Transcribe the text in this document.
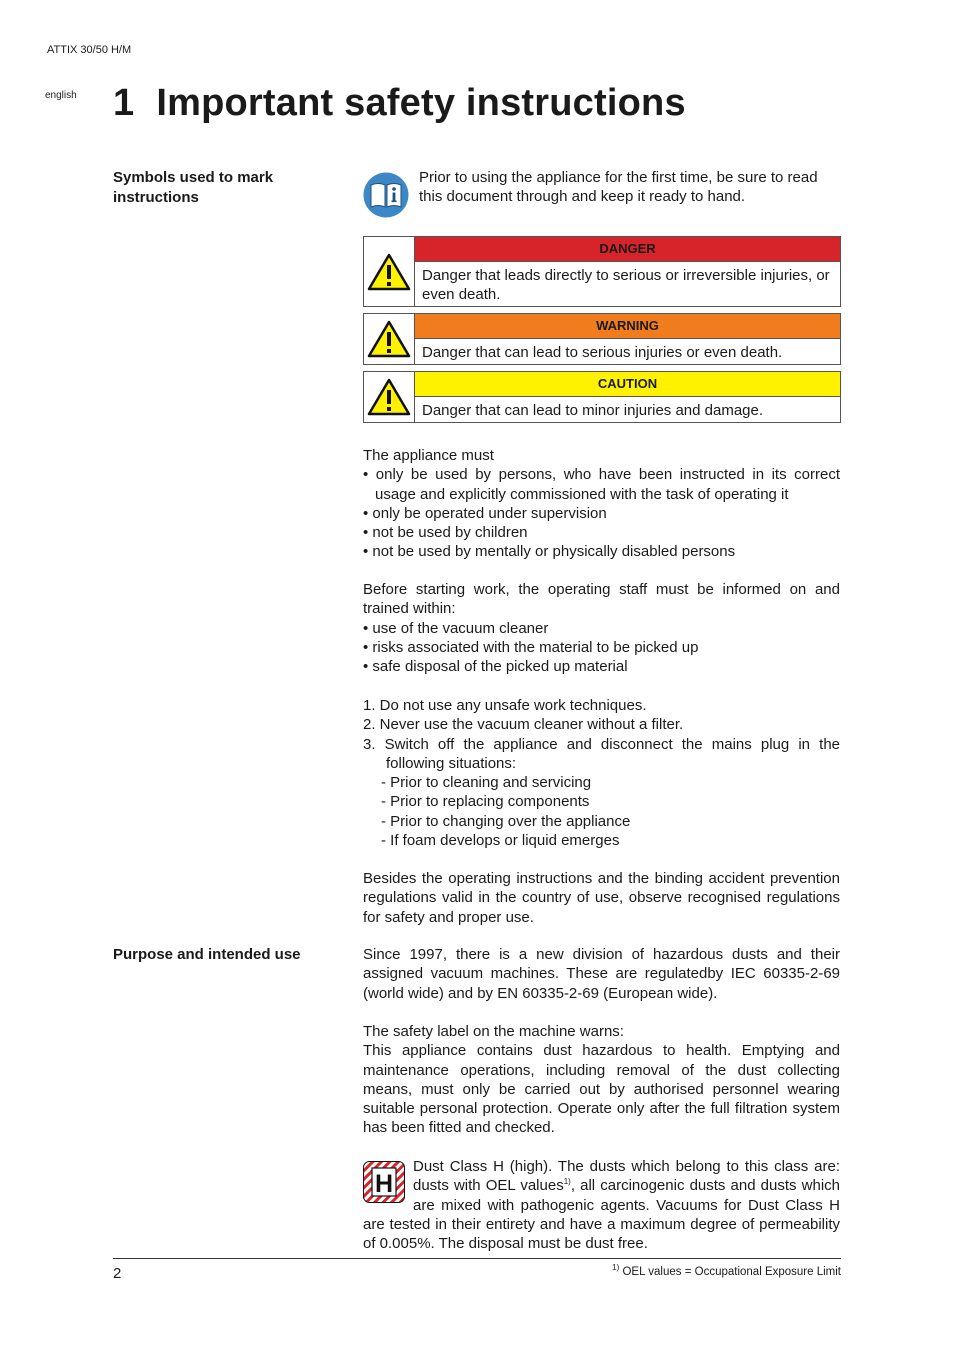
ATTIX 30/50 H/M
english 1 Important safety instructions
Symbols used to mark instructions
Prior to using the appliance for the first time, be sure to read this document through and keep it ready to hand.
DANGER
Danger that leads directly to serious or irreversible injuries, or even death.
WARNING
Danger that can lead to serious injuries or even death.
CAUTION
Danger that can lead to minor injuries and damage.

The appliance must

• only be used by persons, who have been instructed in its correct usage and explicitly commissioned with the task of operating it

• only be operated under supervision

• not be used by children

• not be used by mentally or physically disabled persons

Before starting work, the operating staff must be informed on and trained within:

• use of the vacuum cleaner

• risks associated with the material to be picked up

• safe disposal of the picked up material

1. Do not use any unsafe work techniques.

2. Never use the vacuum cleaner without a filter.

3. Switch off the appliance and disconnect the mains plug in the following situations:

- Prior to cleaning and servicing

- Prior to replacing components

- Prior to changing over the appliance

- If foam develops or liquid emerges

Besides the operating instructions and the binding accident prevention regulations valid in the country of use, observe recognised regulations for safety and proper use.
Purpose and intended use	Since 1997, there is a new division of hazardous dusts and their assigned vacuum machines. These are regulatedby IEC 60335-2-69 (world wide) and by EN 60335-2-69 (European wide).

The safety label on the machine warns:

This appliance contains dust hazardous to health. Emptying and maintenance operations, including removal of the dust collecting means, must only be carried out by authorised personnel wearing suitable personal protection. Operate only after the full filtration system has been fitted and checked.

H
Dust Class H (high). The dusts which belong to this class are: dusts with OEL values$^{1)}$, all carcinogenic dusts and dusts which are mixed with pathogenic agents. Vacuums for Dust Class H are tested in their entirety and have a maximum degree of permeability of 0.005%. The disposal must be dust free.
2	$^{1)}$ OEL values = Occupational Exposure Limit
